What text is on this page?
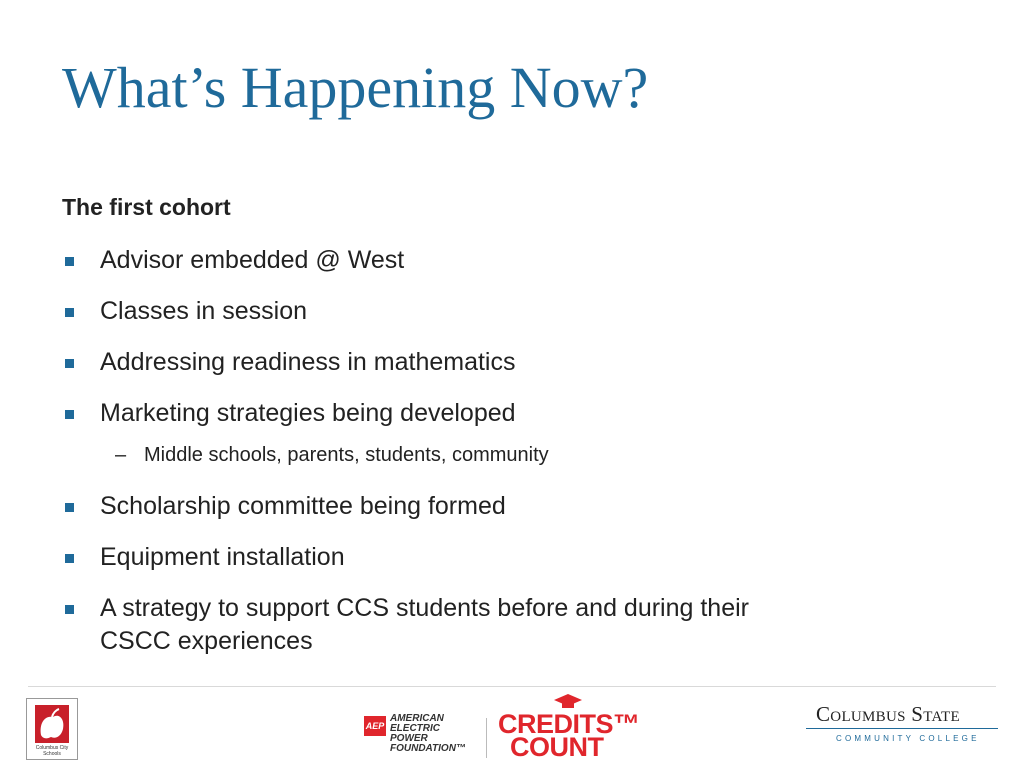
What’s Happening Now?
The first cohort
Advisor embedded @ West
Classes in session
Addressing readiness in mathematics
Marketing strategies being developed
– Middle schools, parents, students, community
Scholarship committee being formed
Equipment installation
A strategy to support CCS students before and during their CSCC experiences
Columbus City Schools
AEP
AMERICAN
ELECTRIC
POWER
FOUNDATION™
CREDITS™
COUNT
Columbus State
COMMUNITY COLLEGE
